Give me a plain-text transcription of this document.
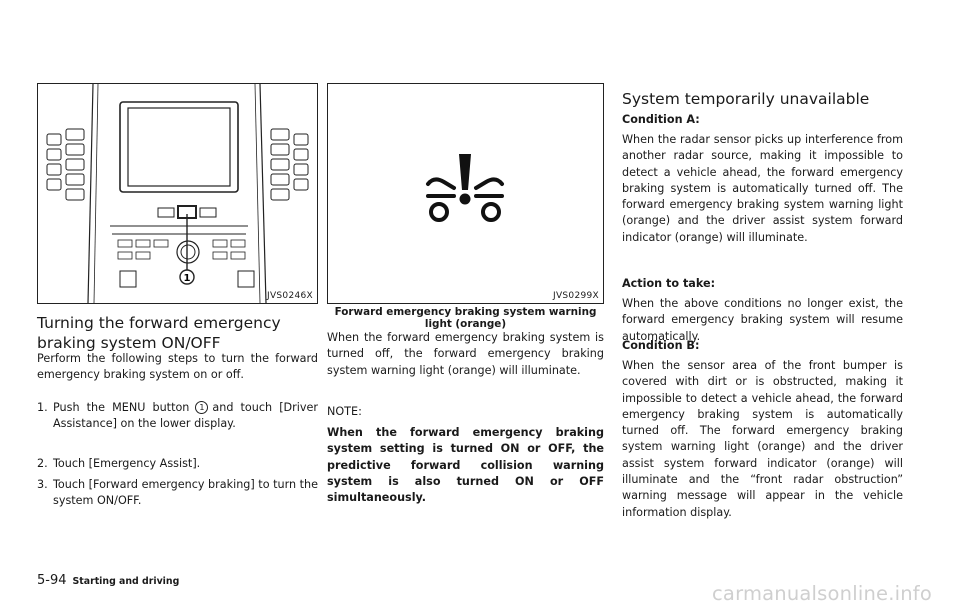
1
JVS0246X
Turning the forward emergency braking system ON/OFF

Perform the following steps to turn the forward emergency braking system on or off.

1. Push the MENU button 1 and touch [Driver Assistance] on the lower display.
2. Touch [Emergency Assist].
3. Touch [Forward emergency braking] to turn the system ON/OFF.
JVS0299X
Forward emergency braking system warning light (orange)

When the forward emergency braking system is turned off, the forward emergency braking system warning light (orange) will illuminate.

NOTE:

When the forward emergency braking system setting is turned ON or OFF, the predictive forward collision warning system is also turned ON or OFF simultaneously.

System temporarily unavailable

Condition A:

When the radar sensor picks up interference from another radar source, making it impossible to detect a vehicle ahead, the forward emergency braking system is automatically turned off. The forward emergency braking system warning light (orange) and the driver assist system forward indicator (orange) will illuminate.

Action to take:

When the above conditions no longer exist, the forward emergency braking system will resume automatically.

Condition B:

When the sensor area of the front bumper is covered with dirt or is obstructed, making it impossible to detect a vehicle ahead, the forward emergency braking system is automatically turned off. The forward emergency braking system warning light (orange) and the driver assist system forward indicator (orange) will illuminate and the “front radar obstruction” warning message will appear in the vehicle information display.

5-94 Starting and driving
carmanualsonline.info
